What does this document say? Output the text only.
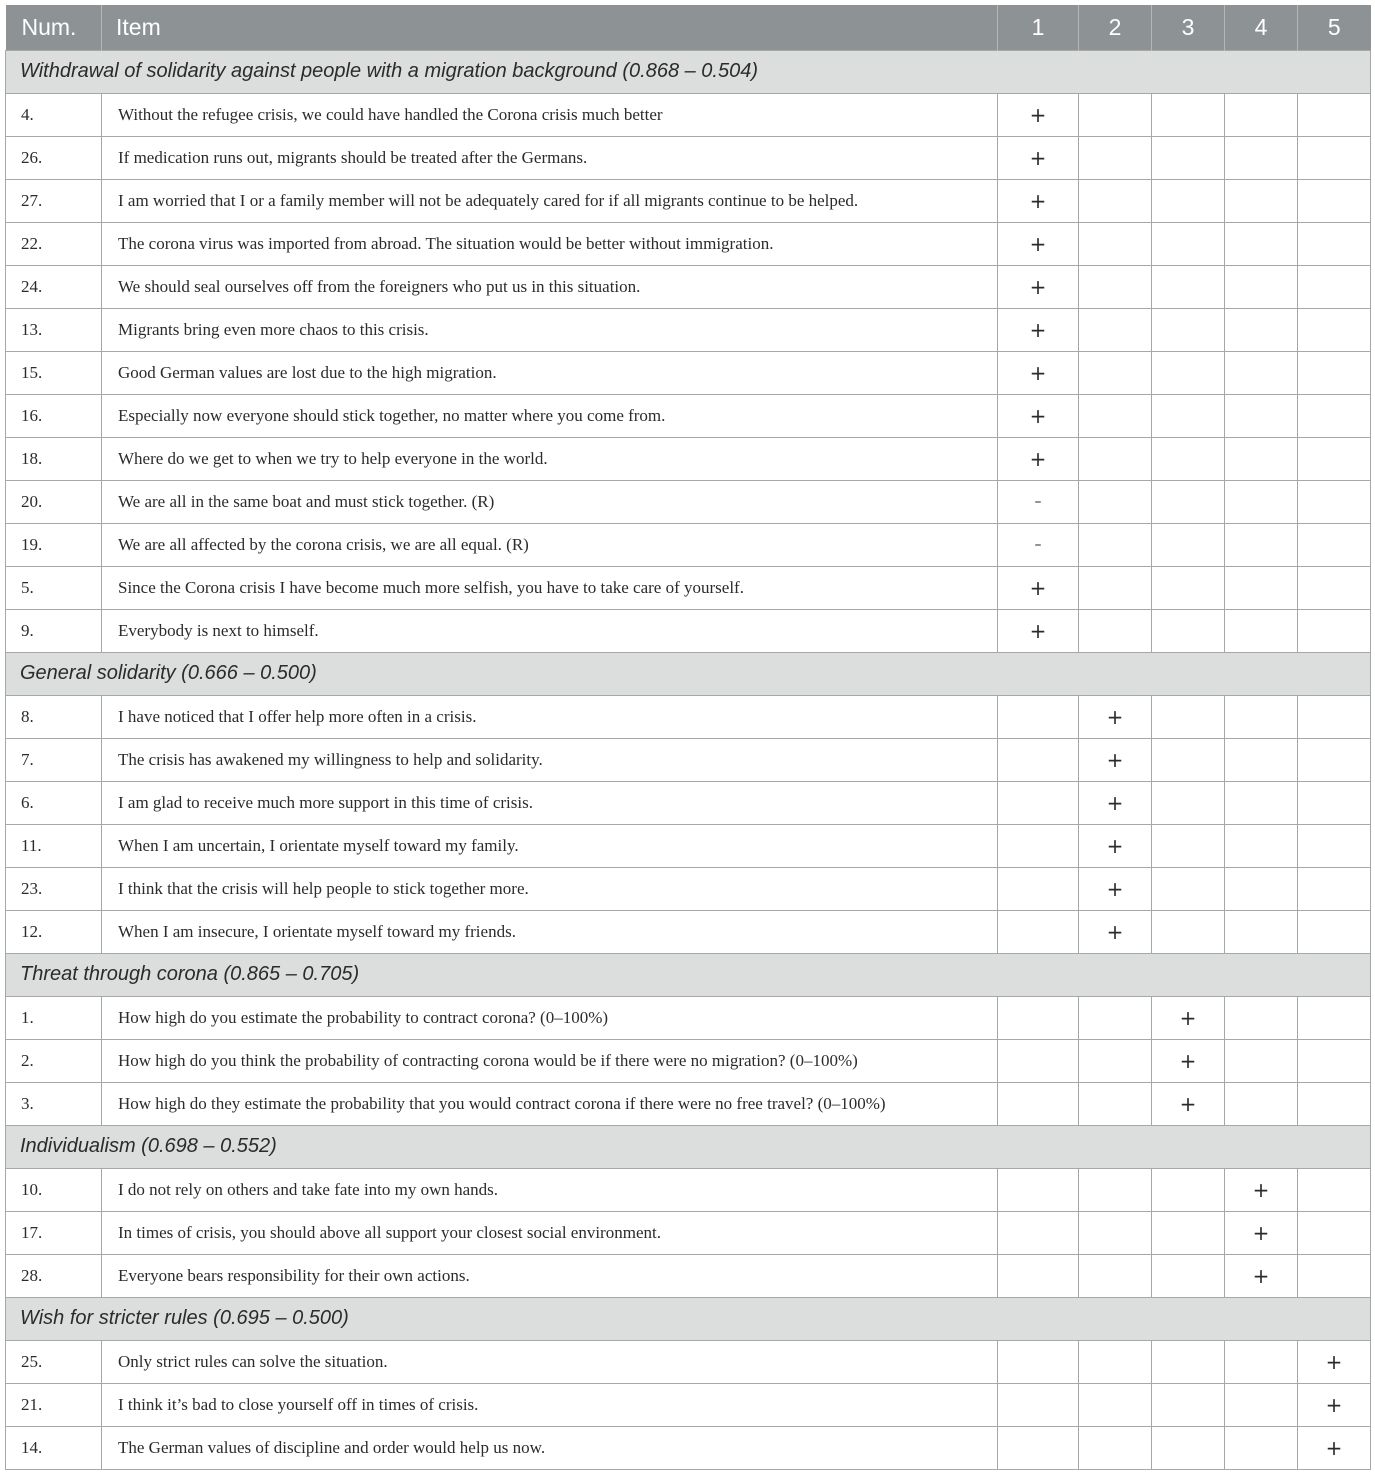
Num.	Item	1	2	3	4	5
Withdrawal of solidarity against people with a migration background (0.868 – 0.504)						
4.	Without the refugee crisis, we could have handled the Corona crisis much better	+				
26.	If medication runs out, migrants should be treated after the Germans.	+				
27.	I am worried that I or a family member will not be adequately cared for if all migrants continue to be helped.	+				
22.	The corona virus was imported from abroad. The situation would be better without immigration.	+				
24.	We should seal ourselves off from the foreigners who put us in this situation.	+				
13.	Migrants bring even more chaos to this crisis.	+				
15.	Good German values are lost due to the high migration.	+				
16.	Especially now everyone should stick together, no matter where you come from.	+				
18.	Where do we get to when we try to help everyone in the world.	+				
20.	We are all in the same boat and must stick together. (R)	–				
19.	We are all affected by the corona crisis, we are all equal. (R)	–				
5.	Since the Corona crisis I have become much more selfish, you have to take care of yourself.	+				
9.	Everybody is next to himself.	+				
General solidarity (0.666 – 0.500)						
8.	I have noticed that I offer help more often in a crisis.		+			
7.	The crisis has awakened my willingness to help and solidarity.		+			
6.	I am glad to receive much more support in this time of crisis.		+			
11.	When I am uncertain, I orientate myself toward my family.		+			
23.	I think that the crisis will help people to stick together more.		+			
12.	When I am insecure, I orientate myself toward my friends.		+			
Threat through corona (0.865 – 0.705)						
1.	How high do you estimate the probability to contract corona? (0–100%)			+		
2.	How high do you think the probability of contracting corona would be if there were no migration? (0–100%)			+		
3.	How high do they estimate the probability that you would contract corona if there were no free travel? (0–100%)			+		
Individualism (0.698 – 0.552)						
10.	I do not rely on others and take fate into my own hands.				+	
17.	In times of crisis, you should above all support your closest social environment.				+	
28.	Everyone bears responsibility for their own actions.				+	
Wish for stricter rules (0.695 – 0.500)						
25.	Only strict rules can solve the situation.					+
21.	I think it’s bad to close yourself off in times of crisis.					+
14.	The German values of discipline and order would help us now.					+
